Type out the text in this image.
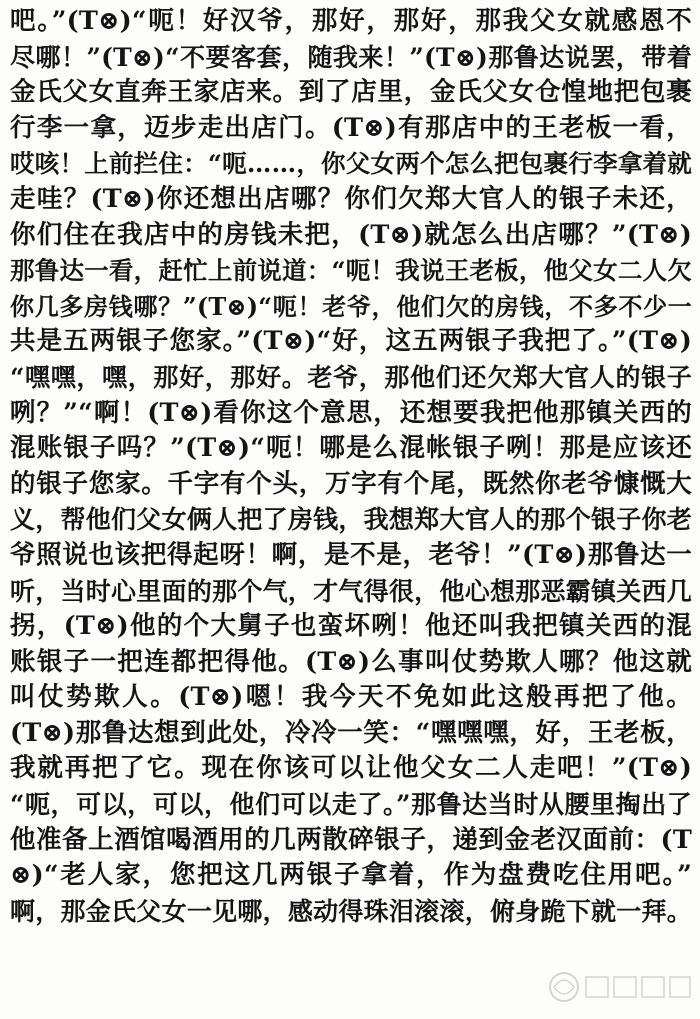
吧。”(T⊗)“呃！好汉爷，那好，那好，那我父女就感恩不
尽哪！”(T⊗)“不要客套，随我来！”(T⊗)那鲁达说罢，带着
金氏父女直奔王家店来。到了店里，金氏父女仓惶地把包裹
行李一拿，迈步走出店门。(T⊗)有那店中的王老板一看，
哎咳！上前拦住：“呃……，你父女两个怎么把包裹行李拿着就
走哇？(T⊗)你还想出店哪？你们欠郑大官人的银子未还，
你们住在我店中的房钱未把，(T⊗)就怎么出店哪？”(T⊗)
那鲁达一看，赶忙上前说道：“呃！我说王老板，他父女二人欠
你几多房钱哪？”(T⊗)“呃！老爷，他们欠的房钱，不多不少一
共是五两银子您家。”(T⊗)“好，这五两银子我把了。”(T⊗)
“嘿嘿，嘿，那好，那好。老爷，那他们还欠郑大官人的银子
咧？”“啊！(T⊗)看你这个意思，还想要我把他那镇关西的
混账银子吗？”(T⊗)“呃！哪是么混帐银子咧！那是应该还
的银子您家。千字有个头，万字有个尾，既然你老爷慷慨大
义，帮他们父女俩人把了房钱，我想郑大官人的那个银子你老
爷照说也该把得起呀！啊，是不是，老爷！”(T⊗)那鲁达一
听，当时心里面的那个气，才气得很，他心想那恶霸镇关西几
拐，(T⊗)他的个大舅子也蛮坏咧！他还叫我把镇关西的混
账银子一把连都把得他。(T⊗)么事叫仗势欺人哪？他这就
叫仗势欺人。(T⊗)嗯！我今天不免如此这般再把了他。
(T⊗)那鲁达想到此处，冷冷一笑：“嘿嘿嘿，好，王老板，
我就再把了它。现在你该可以让他父女二人走吧！”(T⊗)
“呃，可以，可以，他们可以走了。”那鲁达当时从腰里掏出了
他准备上酒馆喝酒用的几两散碎银子，递到金老汉面前：(T
⊗)“老人家，您把这几两银子拿着，作为盘费吃住用吧。”
啊，那金氏父女一见哪，感动得珠泪滚滚，俯身跪下就一拜。
